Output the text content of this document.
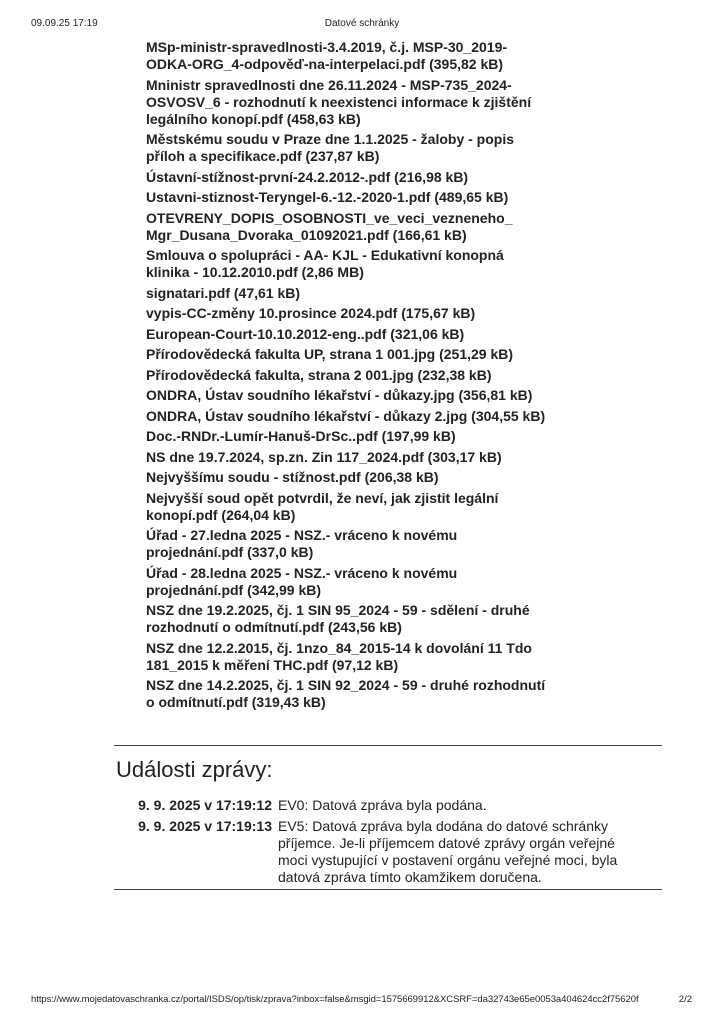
09.09.25 17:19	Datové schránky
MSp-ministr-spravedlnosti-3.4.2019, č.j. MSP-30_2019-ODKA-ORG_4-odpověď-na-interpelaci.pdf (395,82 kB)
Mninistr spravedlnosti dne 26.11.2024 - MSP-735_2024-OSVOSV_6 - rozhodnutí k neexistenci informace k zjištění legálního konopí.pdf (458,63 kB)
Městskému soudu v Praze dne 1.1.2025 - žaloby - popis příloh a specifikace.pdf (237,87 kB)
Ústavní-stížnost-první-24.2.2012-.pdf (216,98 kB)
Ustavni-stiznost-Teryngel-6.-12.-2020-1.pdf (489,65 kB)
OTEVRENY_DOPIS_OSOBNOSTI_ve_veci_vezneneho_ Mgr_Dusana_Dvoraka_01092021.pdf (166,61 kB)
Smlouva o spolupráci - AA- KJL - Edukativní konopná klinika - 10.12.2010.pdf (2,86 MB)
signatari.pdf (47,61 kB)
vypis-CC-změny 10.prosince 2024.pdf (175,67 kB)
European-Court-10.10.2012-eng..pdf (321,06 kB)
Přírodovědecká fakulta UP, strana 1 001.jpg (251,29 kB)
Přírodovědecká fakulta, strana 2 001.jpg (232,38 kB)
ONDRA, Ústav soudního lékařství - důkazy.jpg (356,81 kB)
ONDRA, Ústav soudního lékařství - důkazy 2.jpg (304,55 kB)
Doc.-RNDr.-Lumír-Hanuš-DrSc..pdf (197,99 kB)
NS dne 19.7.2024, sp.zn. Zin 117_2024.pdf (303,17 kB)
Nejvyššímu soudu - stížnost.pdf (206,38 kB)
Nejvyšší soud opět potvrdil, že neví, jak zjistit legální konopí.pdf (264,04 kB)
Úřad - 27.ledna 2025 - NSZ.- vráceno k novému projednání.pdf (337,0 kB)
Úřad - 28.ledna 2025 - NSZ.- vráceno k novému projednání.pdf (342,99 kB)
NSZ dne 19.2.2025, čj. 1 SIN 95_2024 - 59 - sdělení - druhé rozhodnutí o odmítnutí.pdf (243,56 kB)
NSZ dne 12.2.2015, čj. 1nzo_84_2015-14 k dovolání 11 Tdo 181_2015 k měření THC.pdf (97,12 kB)
NSZ dne 14.2.2025, čj. 1 SIN 92_2024 - 59 - druhé rozhodnutí o odmítnutí.pdf (319,43 kB)
Události zprávy:
9. 9. 2025 v 17:19:12 EV0: Datová zpráva byla podána.
9. 9. 2025 v 17:19:13 EV5: Datová zpráva byla dodána do datové schránky příjemce. Je-li příjemcem datové zprávy orgán veřejné moci vystupující v postavení orgánu veřejné moci, byla datová zpráva tímto okamžikem doručena.
https://www.mojedatovaschranka.cz/portal/ISDS/op/tisk/zprava?inbox=false&msgid=1575669912&XCSRF=da32743e65e0053a404624cc2f75620f	2/2
